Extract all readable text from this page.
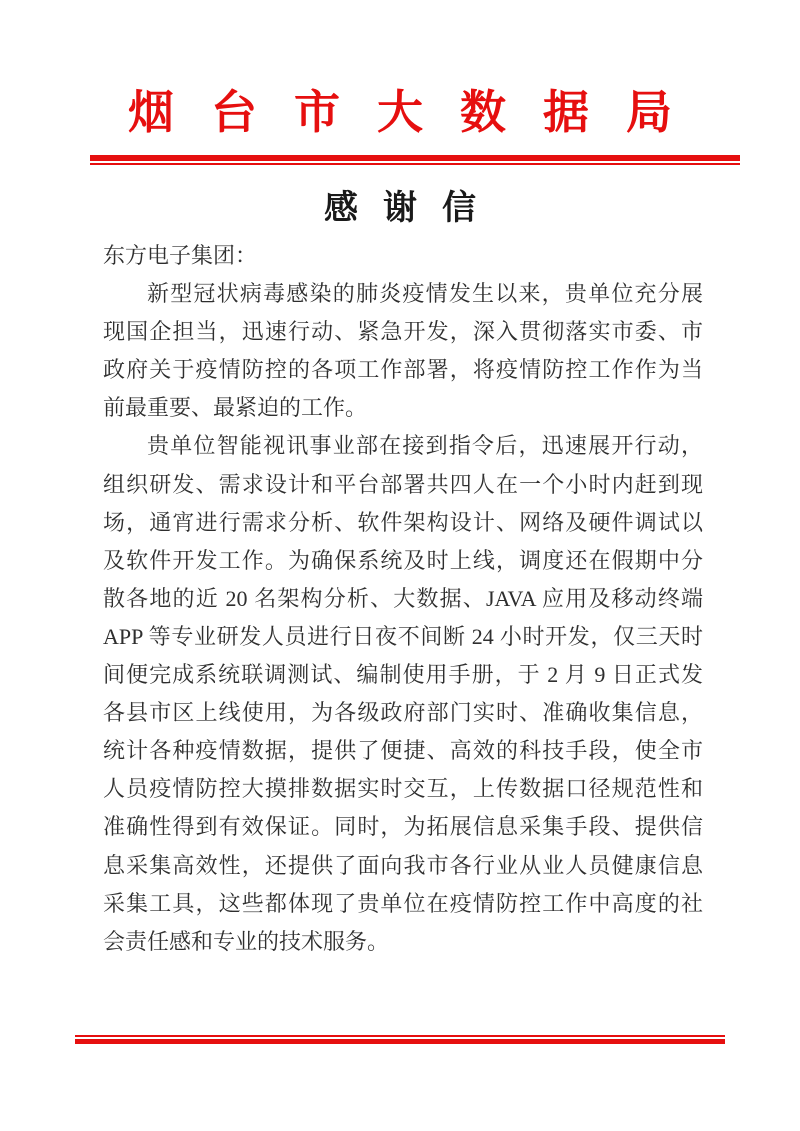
烟台市大数据局
感谢信
东方电子集团：
新型冠状病毒感染的肺炎疫情发生以来，贵单位充分展
现国企担当，迅速行动、紧急开发，深入贯彻落实市委、市
政府关于疫情防控的各项工作部署，将疫情防控工作作为当
前最重要、最紧迫的工作。
贵单位智能视讯事业部在接到指令后，迅速展开行动，
组织研发、需求设计和平台部署共四人在一个小时内赶到现
场，通宵进行需求分析、软件架构设计、网络及硬件调试以
及软件开发工作。为确保系统及时上线，调度还在假期中分
散各地的近 20 名架构分析、大数据、JAVA 应用及移动终端
APP 等专业研发人员进行日夜不间断 24 小时开发，仅三天时
间便完成系统联调测试、编制使用手册，于 2 月 9 日正式发
各县市区上线使用，为各级政府部门实时、准确收集信息，
统计各种疫情数据，提供了便捷、高效的科技手段，使全市
人员疫情防控大摸排数据实时交互，上传数据口径规范性和
准确性得到有效保证。同时，为拓展信息采集手段、提供信
息采集高效性，还提供了面向我市各行业从业人员健康信息
采集工具，这些都体现了贵单位在疫情防控工作中高度的社
会责任感和专业的技术服务。
